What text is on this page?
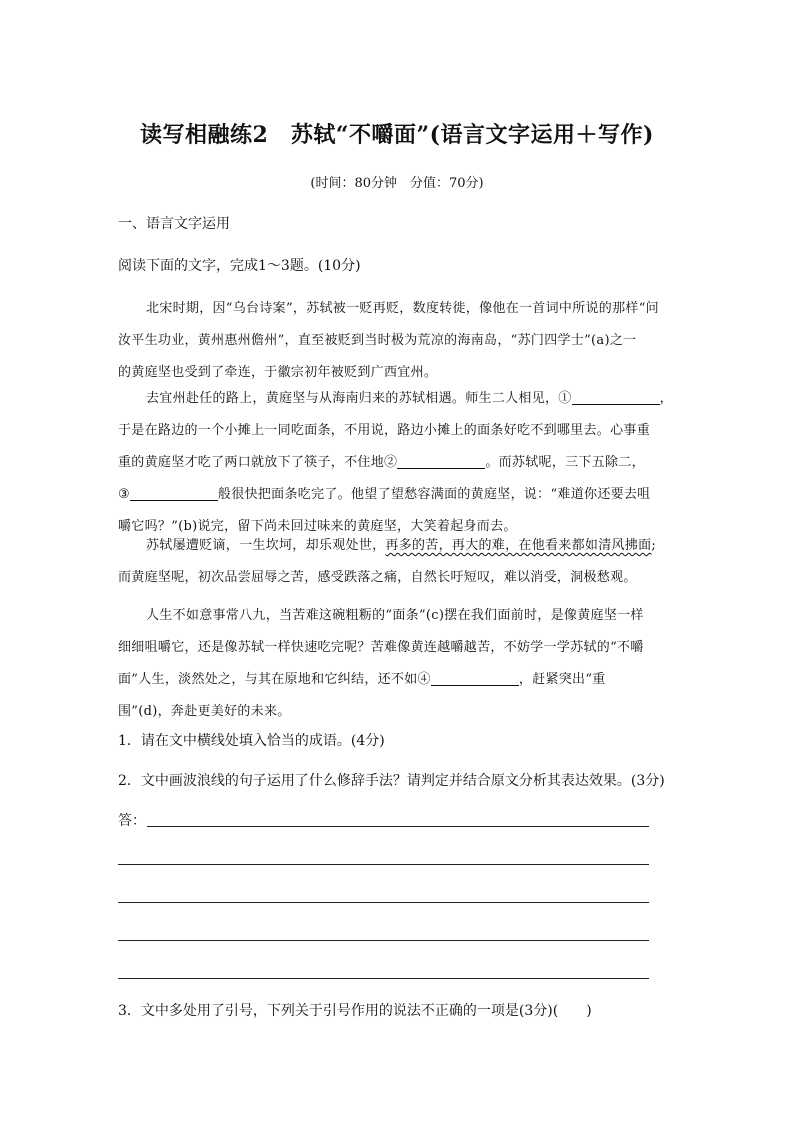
读写相融练2　苏轼“不嚼面”(语言文字运用＋写作)
(时间：80分钟　分值：70分)
一、语言文字运用
阅读下面的文字，完成1～3题。(10分)
北宋时期，因“乌台诗案”，苏轼被一贬再贬，数度转徙，像他在一首词中所说的那样“问
汝平生功业，黄州惠州儋州”，直至被贬到当时极为荒凉的海南岛，“苏门四学士”(a)之一
的黄庭坚也受到了牵连，于徽宗初年被贬到广西宜州。
去宜州赴任的路上，黄庭坚与从海南归来的苏轼相遇。师生二人相见，①	，
于是在路边的一个小摊上一同吃面条，不用说，路边小摊上的面条好吃不到哪里去。心事重
重的黄庭坚才吃了两口就放下了筷子，不住地②	。而苏轼呢，三下五除二，
③	般很快把面条吃完了。他望了望愁容满面的黄庭坚，说：“难道你还要去咀
嚼它吗？”(b)说完，留下尚未回过味来的黄庭坚，大笑着起身而去。
苏轼屡遭贬谪，一生坎坷，却乐观处世，再多的苦，再大的难，在他看来都如清风拂面;
而黄庭坚呢，初次品尝屈辱之苦，感受跌落之痛，自然长吁短叹，难以消受，洞极愁观。
人生不如意事常八九，当苦难这碗粗粝的“面条”(c)摆在我们面前时，是像黄庭坚一样
细细咀嚼它，还是像苏轼一样快速吃完呢？苦难像黄连越嚼越苦，不妨学一学苏轼的“不嚼
面”人生，淡然处之，与其在原地和它纠结，还不如④	，赶紧突出“重
围”(d)，奔赴更美好的未来。
1．请在文中横线处填入恰当的成语。(4分)
2．文中画波浪线的句子运用了什么修辞手法？请判定并结合原文分析其表达效果。(3分)
答：
3．文中多处用了引号，下列关于引号作用的说法不正确的一项是(3分)(　　)
